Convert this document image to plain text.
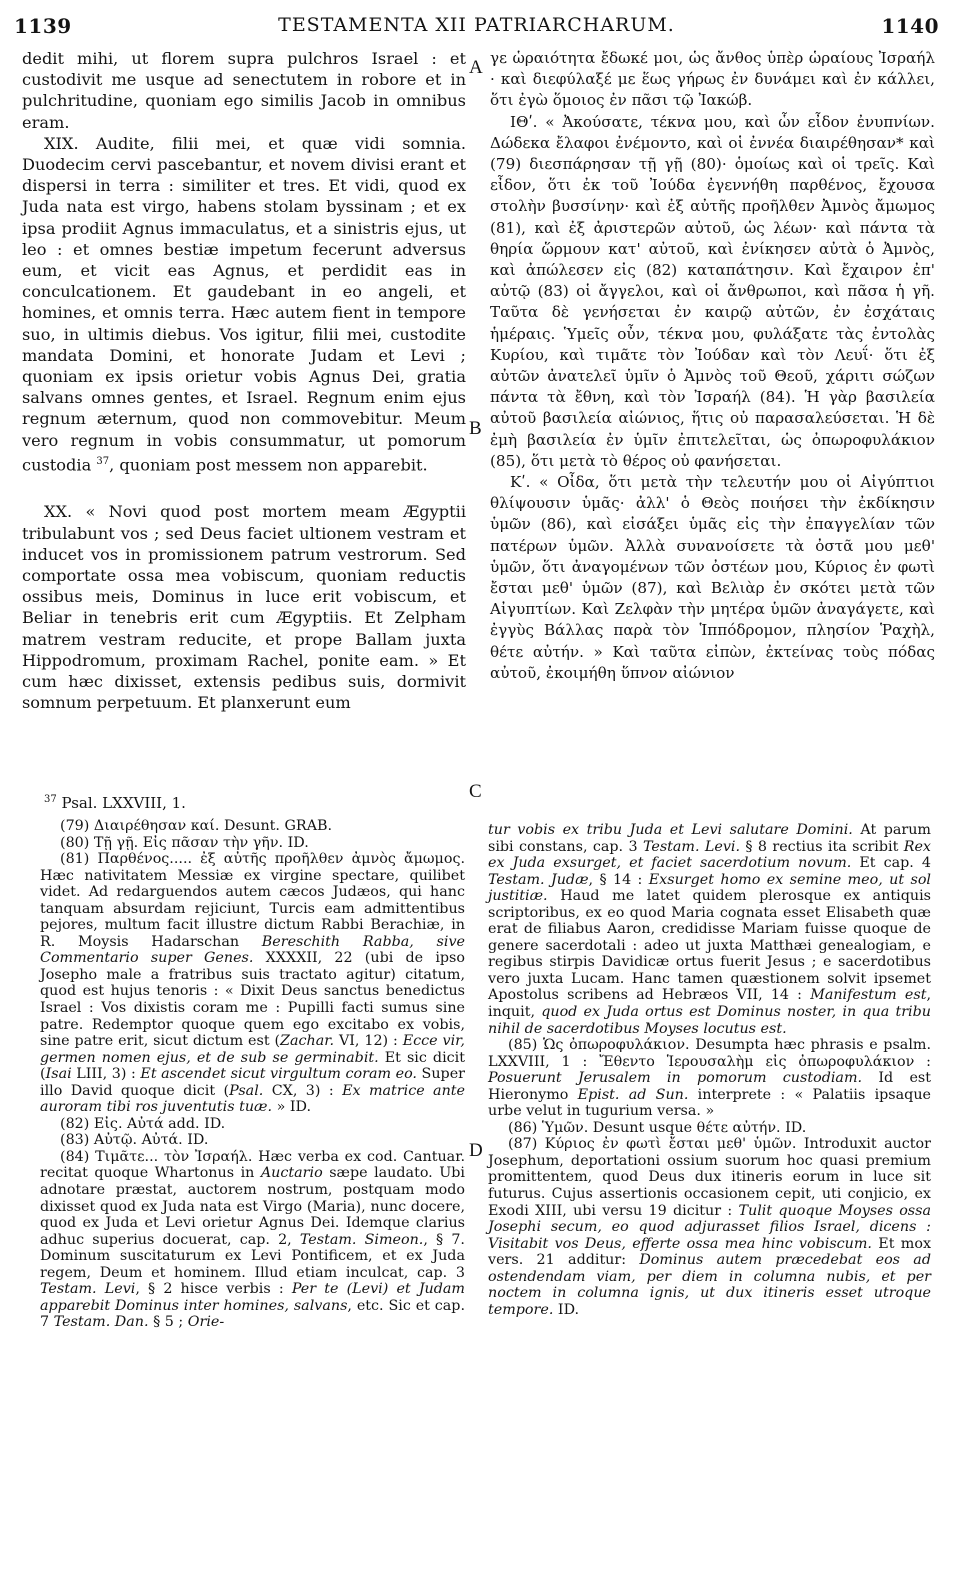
1139	TESTAMENTA XII PATRIARCHARUM.	1140
A
B
C
D

dedit mihi, ut florem supra pulchros Israel : et custodivit me usque ad senectutem in robore et in pulchritudine, quoniam ego similis Jacob in omnibus eram.

XIX. Audite, filii mei, et quæ vidi somnia. Duodecim cervi pascebantur, et novem divisi erant et dispersi in terra : similiter et tres. Et vidi, quod ex Juda nata est virgo, habens stolam byssinam ; et ex ipsa prodiit Agnus immaculatus, et a sinistris ejus, ut leo : et omnes bestiæ impetum fecerunt adversus eum, et vicit eas Agnus, et perdidit eas in conculcationem. Et gaudebant in eo angeli, et homines, et omnis terra. Hæc autem fient in tempore suo, in ultimis diebus. Vos igitur, filii mei, custodite mandata Domini, et honorate Judam et Levi ; quoniam ex ipsis orietur vobis Agnus Dei, gratia salvans omnes gentes, et Israel. Regnum enim ejus regnum æternum, quod non commovebitur. Meum vero regnum in vobis consummatur, ut pomorum custodia $^{37}$, quoniam post messem non apparebit.

XX. « Novi quod post mortem meam Ægyptii tribulabunt vos ; sed Deus faciet ultionem vestram et inducet vos in promissionem patrum vestrorum. Sed comportate ossa mea vobiscum, quoniam reductis ossibus meis, Dominus in luce erit vobiscum, et Beliar in tenebris erit cum Ægyptiis. Et Zelpham matrem vestram reducite, et prope Ballam juxta Hippodromum, proximam Rachel, ponite eam. » Et cum hæc dixisset, extensis pedibus suis, dormivit somnum perpetuum. Et planxerunt eum

γε ὡραιότητα ἔδωκέ μοι, ὡς ἄνθος ὑπὲρ ὡραίους Ἰσραήλ · καὶ διεφύλαξέ με ἕως γήρως ἐν δυνάμει καὶ ἐν κάλλει, ὅτι ἐγὼ ὅμοιος ἐν πᾶσι τῷ Ἰακώβ.

ΙΘʹ. « Ἀκούσατε, τέκνα μου, καὶ ὧν εἶδον ἐνυπνίων. Δώδεκα ἔλαφοι ἐνέμοντο, καὶ οἱ ἐννέα διαιρέθησαν* καὶ (79) διεσπάρησαν τῇ γῇ (80)· ὁμοίως καὶ οἱ τρεῖς. Καὶ εἶδον, ὅτι ἐκ τοῦ Ἰούδα ἐγεννήθη παρθένος, ἔχουσα στολὴν βυσσίνην· καὶ ἐξ αὐτῆς προῆλθεν Ἀμνὸς ἄμωμος (81), καὶ ἐξ ἀριστερῶν αὐτοῦ, ὡς λέων· καὶ πάντα τὰ θηρία ὥρμουν κατ' αὐτοῦ, καὶ ἐνίκησεν αὐτὰ ὁ Ἀμνὸς, καὶ ἀπώλεσεν εἰς (82) καταπάτησιν. Καὶ ἔχαιρον ἐπ' αὐτῷ (83) οἱ ἄγγελοι, καὶ οἱ ἄνθρωποι, καὶ πᾶσα ἡ γῆ. Ταῦτα δὲ γενήσεται ἐν καιρῷ αὐτῶν, ἐν ἐσχάταις ἡμέραις. Ὑμεῖς οὖν, τέκνα μου, φυλάξατε τὰς ἐντολὰς Κυρίου, καὶ τιμᾶτε τὸν Ἰούδαν καὶ τὸν Λευΐ· ὅτι ἐξ αὐτῶν ἀνατελεῖ ὑμῖν ὁ Ἀμνὸς τοῦ Θεοῦ, χάριτι σώζων πάντα τὰ ἔθνη, καὶ τὸν Ἰσραήλ (84). Ἡ γὰρ βασιλεία αὐτοῦ βασιλεία αἰώνιος, ἥτις οὐ παρασαλεύσεται. Ἡ δὲ ἐμὴ βασιλεία ἐν ὑμῖν ἐπιτελεῖται, ὡς ὀπωροφυλάκιον (85), ὅτι μετὰ τὸ θέρος οὐ φανήσεται.

Κʹ. « Οἶδα, ὅτι μετὰ τὴν τελευτήν μου οἱ Αἰγύπτιοι θλίψουσιν ὑμᾶς· ἀλλ' ὁ Θεὸς ποιήσει τὴν ἐκδίκησιν ὑμῶν (86), καὶ εἰσάξει ὑμᾶς εἰς τὴν ἐπαγγελίαν τῶν πατέρων ὑμῶν. Ἀλλὰ συνανοίσετε τὰ ὀστᾶ μου μεθ' ὑμῶν, ὅτι ἀναγομένων τῶν ὀστέων μου, Κύριος ἐν φωτὶ ἔσται μεθ' ὑμῶν (87), καὶ Βελιὰρ ἐν σκότει μετὰ τῶν Αἰγυπτίων. Καὶ Ζελφὰν τὴν μητέρα ὑμῶν ἀναγάγετε, καὶ ἐγγὺς Βάλλας παρὰ τὸν Ἱππόδρομον, πλησίον Ῥαχὴλ, θέτε αὐτήν. » Καὶ ταῦτα εἰπὼν, ἐκτείνας τοὺς πόδας αὐτοῦ, ἐκοιμήθη ὕπνον αἰώνιον

$^{37}$ Psal. LXXVIII, 1.

(79) Διαιρέθησαν καί. Desunt. GRAB.

(80) Τῇ γῇ. Εἰς πᾶσαν τὴν γῆν. ID.

(81) Παρθένος..... ἐξ αὐτῆς προῆλθεν ἀμνὸς ἄμωμος. Hæc nativitatem Messiæ ex virgine spectare, quilibet videt. Ad redarguendos autem cæcos Judæos, qui hanc tanquam absurdam rejiciunt, Turcis eam admittentibus pejores, multum facit illustre dictum Rabbi Berachiæ, in R. Moysis Hadarschan Bereschith Rabba, sive Commentario super Genes. XXXXII, 22 (ubi de ipso Josepho male a fratribus suis tractato agitur) citatum, quod est hujus tenoris : « Dixit Deus sanctus benedictus Israel : Vos dixistis coram me : Pupilli facti sumus sine patre. Redemptor quoque quem ego excitabo ex vobis, sine patre erit, sicut dictum est (Zachar. VI, 12) : Ecce vir, germen nomen ejus, et de sub se germinabit. Et sic dicit (Isai LIII, 3) : Et ascendet sicut virgultum coram eo. Super illo David quoque dicit (Psal. CX, 3) : Ex matrice ante auroram tibi ros juventutis tuæ. » ID.

(82) Εἰς. Αὐτά add. ID.

(83) Αὐτῷ. Αὐτά. ID.

(84) Τιμᾶτε... τὸν Ἰσραήλ. Hæc verba ex cod. Cantuar. recitat quoque Whartonus in Auctario sæpe laudato. Ubi adnotare præstat, auctorem nostrum, postquam modo dixisset quod ex Juda nata est Virgo (Maria), nunc docere, quod ex Juda et Levi orietur Agnus Dei. Idemque clarius adhuc superius docuerat, cap. 2, Testam. Simeon., § 7. Dominum suscitaturum ex Levi Pontificem, et ex Juda regem, Deum et hominem. Illud etiam inculcat, cap. 3 Testam. Levi, § 2 hisce verbis : Per te (Levi) et Judam apparebit Dominus inter homines, salvans, etc. Sic et cap. 7 Testam. Dan. § 5 ; Orie-

tur vobis ex tribu Juda et Levi salutare Domini. At parum sibi constans, cap. 3 Testam. Levi. § 8 rectius ita scribit Rex ex Juda exsurget, et faciet sacerdotium novum. Et cap. 4 Testam. Judæ, § 14 : Exsurget homo ex semine meo, ut sol justitiæ. Haud me latet quidem plerosque ex antiquis scriptoribus, ex eo quod Maria cognata esset Elisabeth quæ erat de filiabus Aaron, credidisse Mariam fuisse quoque de genere sacerdotali : adeo ut juxta Matthæi genealogiam, e regibus stirpis Davidicæ ortus fuerit Jesus ; e sacerdotibus vero juxta Lucam. Hanc tamen quæstionem solvit ipsemet Apostolus scribens ad Hebræos VII, 14 : Manifestum est, inquit, quod ex Juda ortus est Dominus noster, in qua tribu nihil de sacerdotibus Moyses locutus est.

(85) Ὡς ὀπωροφυλάκιον. Desumpta hæc phrasis e psalm. LXXVIII, 1 : Ἔθεντο Ἱερουσαλὴμ εἰς ὀπωροφυλάκιον : Posuerunt Jerusalem in pomorum custodiam. Id est Hieronymo Epist. ad Sun. interprete : « Palatiis ipsaque urbe velut in tugurium versa. »

(86) Ὑμῶν. Desunt usque θέτε αὐτήν. ID.

(87) Κύριος ἐν φωτὶ ἔσται μεθ' ὑμῶν. Introduxit auctor Josephum, deportationi ossium suorum hoc quasi premium promittentem, quod Deus dux itineris eorum in luce sit futurus. Cujus assertionis occasionem cepit, uti conjicio, ex Exodi XIII, ubi versu 19 dicitur : Tulit quoque Moyses ossa Josephi secum, eo quod adjurasset filios Israel, dicens : Visitabit vos Deus, efferte ossa mea hinc vobiscum. Et mox vers. 21 additur: Dominus autem præcedebat eos ad ostendendam viam, per diem in columna nubis, et per noctem in columna ignis, ut dux itineris esset utroque tempore. ID.
